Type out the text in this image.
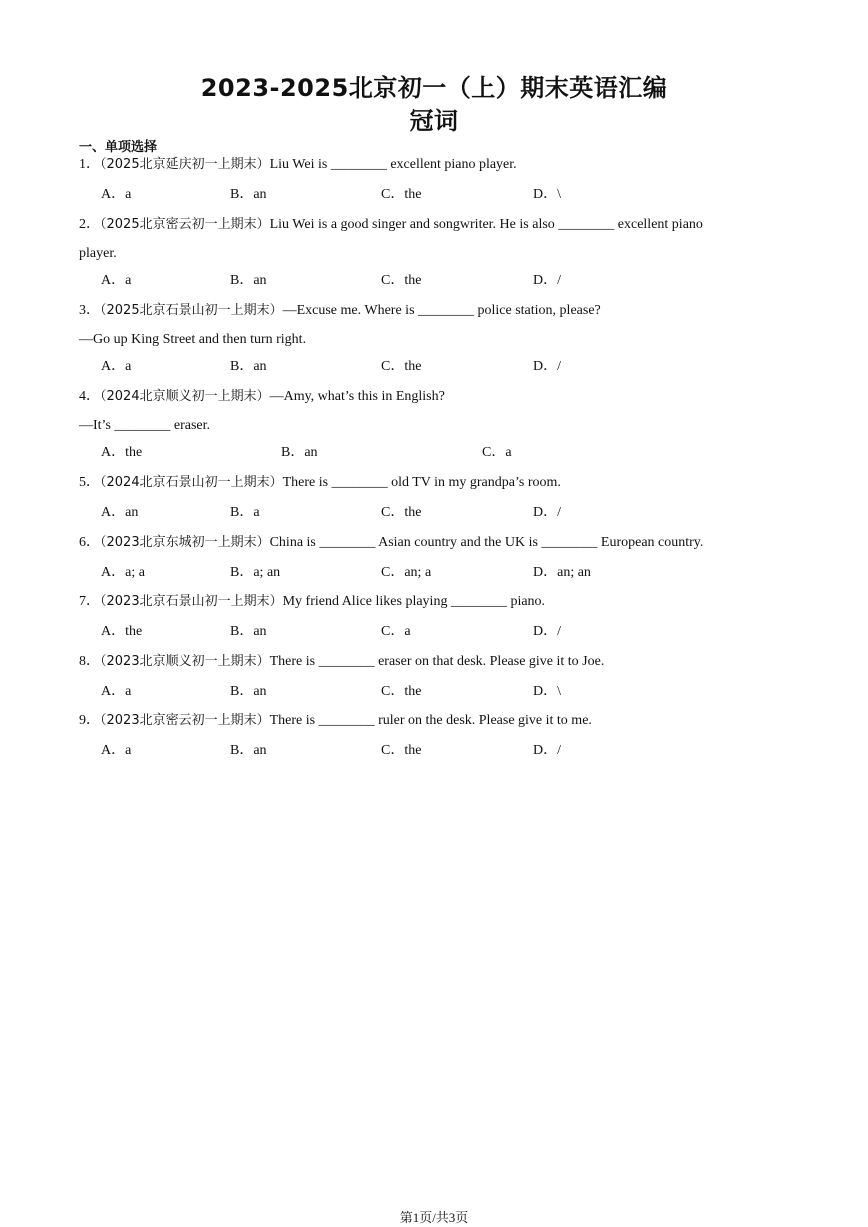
2023-2025北京初一（上）期末英语汇编
冠词
一、单项选择
1．（2025北京延庆初一上期末）Liu Wei is ________ excellent piano player.
A．a	B．an	C．the	D．\
2．（2025北京密云初一上期末）Liu Wei is a good singer and songwriter. He is also ________ excellent piano
player.
A．a	B．an	C．the	D．/
3．（2025北京石景山初一上期末）—Excuse me. Where is ________ police station, please?
—Go up King Street and then turn right.
A．a	B．an	C．the	D．/
4．（2024北京顺义初一上期末）—Amy, what’s this in English?
—It’s ________ eraser.
A．the	B．an	C．a
5．（2024北京石景山初一上期末）There is ________ old TV in my grandpa’s room.
A．an	B．a	C．the	D．/
6．（2023北京东城初一上期末）China is ________ Asian country and the UK is ________ European country.
A．a; a	B．a; an	C．an; a	D．an; an
7．（2023北京石景山初一上期末）My friend Alice likes playing ________ piano.
A．the	B．an	C．a	D．/
8．（2023北京顺义初一上期末）There is ________ eraser on that desk. Please give it to Joe.
A．a	B．an	C．the	D．\
9．（2023北京密云初一上期末）There is ________ ruler on the desk. Please give it to me.
A．a	B．an	C．the	D．/
第1页/共3页
